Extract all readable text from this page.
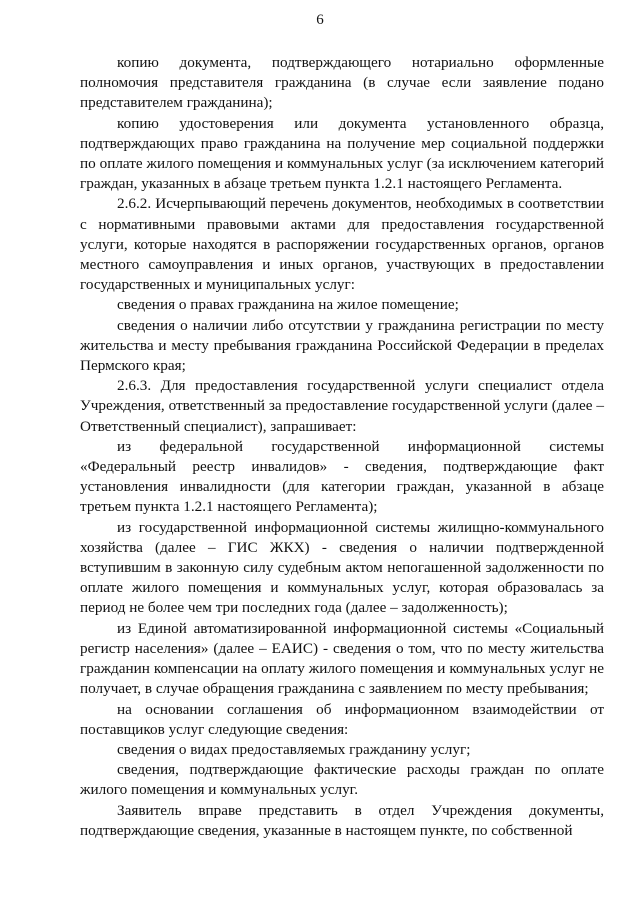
6

копию документа, подтверждающего нотариально оформленные полномочия представителя гражданина (в случае если заявление подано представителем гражданина);

копию удостоверения или документа установленного образца, подтверждающих право гражданина на получение мер социальной поддержки по оплате жилого помещения и коммунальных услуг (за исключением категорий граждан, указанных в абзаце третьем пункта 1.2.1 настоящего Регламента.

2.6.2. Исчерпывающий перечень документов, необходимых в соответствии с нормативными правовыми актами для предоставления государственной услуги, которые находятся в распоряжении государственных органов, органов местного самоуправления и иных органов, участвующих в предоставлении государственных и муниципальных услуг:

сведения о правах гражданина на жилое помещение;

сведения о наличии либо отсутствии у гражданина регистрации по месту жительства и месту пребывания гражданина Российской Федерации в пределах Пермского края;

2.6.3. Для предоставления государственной услуги специалист отдела Учреждения, ответственный за предоставление государственной услуги (далее – Ответственный специалист), запрашивает:

из федеральной государственной информационной системы «Федеральный реестр инвалидов» - сведения, подтверждающие факт установления инвалидности (для категории граждан, указанной в абзаце третьем пункта 1.2.1 настоящего Регламента);

из государственной информационной системы жилищно-коммунального хозяйства (далее – ГИС ЖКХ) - сведения о наличии подтвержденной вступившим в законную силу судебным актом непогашенной задолженности по оплате жилого помещения и коммунальных услуг, которая образовалась за период не более чем три последних года (далее – задолженность);

из Единой автоматизированной информационной системы «Социальный регистр населения» (далее – ЕАИС) - сведения о том, что по месту жительства гражданин компенсации на оплату жилого помещения и коммунальных услуг не получает, в случае обращения гражданина с заявлением по месту пребывания;

на основании соглашения об информационном взаимодействии от поставщиков услуг следующие сведения:

сведения о видах предоставляемых гражданину услуг;

сведения, подтверждающие фактические расходы граждан по оплате жилого помещения и коммунальных услуг.

Заявитель вправе представить в отдел Учреждения документы, подтверждающие сведения, указанные в настоящем пункте, по собственной
